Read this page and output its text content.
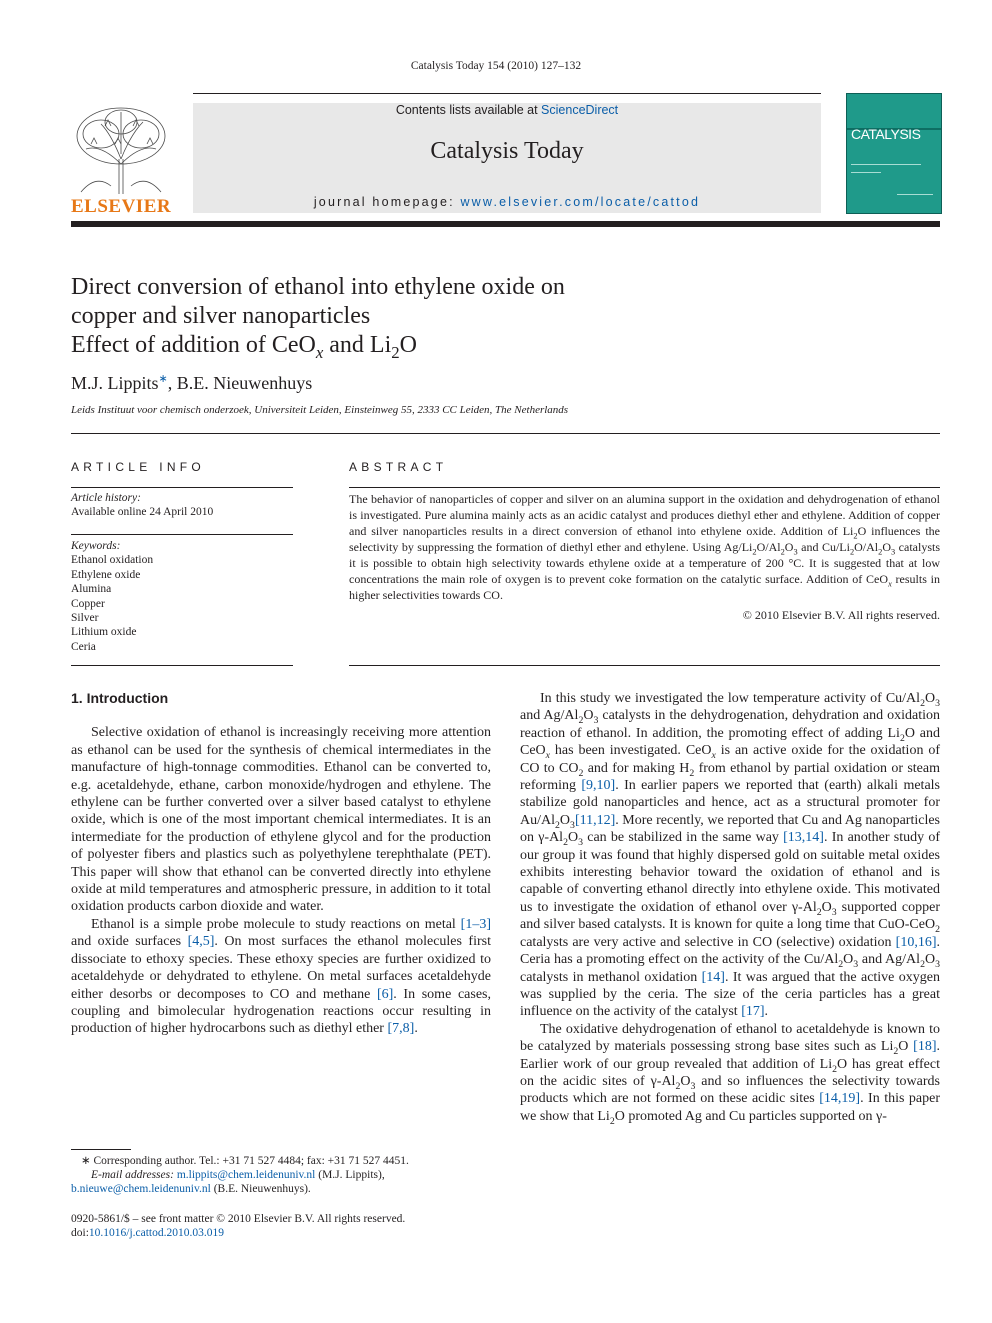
Catalysis Today 154 (2010) 127–132
ELSEVIER
Contents lists available at ScienceDirect
Catalysis Today
journal homepage: www.elsevier.com/locate/cattod
CATALYSIS
Direct conversion of ethanol into ethylene oxide on
copper and silver nanoparticles
Effect of addition of CeO$_x$ and $Li_2O$
M.J. Lippits∗, B.E. Nieuwenhuys
Leids Instituut voor chemisch onderzoek, Universiteit Leiden, Einsteinweg 55, 2333 CC Leiden, The Netherlands
ARTICLE INFO
Article history:
Available online 24 April 2010
Keywords:
Ethanol oxidation
Ethylene oxide
Alumina
Copper
Silver
Lithium oxide
Ceria
ABSTRACT
The behavior of nanoparticles of copper and silver on an alumina support in the oxidation and dehydrogenation of ethanol is investigated. Pure alumina mainly acts as an acidic catalyst and produces diethyl ether and ethylene. Addition of copper and silver nanoparticles results in a direct conversion of ethanol into ethylene oxide. Addition of $Li_2O$ influences the selectivity by suppressing the formation of diethyl ether and ethylene. Using $Ag/Li_2O/Al_2O_3$ and $Cu/Li_2O/Al_2O_3$ catalysts it is possible to obtain high selectivity towards ethylene oxide at a temperature of 200 °C. It is suggested that at low concentrations the main role of oxygen is to prevent coke formation on the catalytic surface. Addition of CeO$_x$ results in higher selectivities towards CO.
© 2010 Elsevier B.V. All rights reserved.

1. Introduction

Selective oxidation of ethanol is increasingly receiving more attention as ethanol can be used for the synthesis of chemical intermediates in the manufacture of high-tonnage commodities. Ethanol can be converted to, e.g. acetaldehyde, ethane, carbon monoxide/hydrogen and ethylene. The ethylene can be further converted over a silver based catalyst to ethylene oxide, which is one of the most important chemical intermediates. It is an intermediate for the production of ethylene glycol and for the production of polyester fibers and plastics such as polyethylene terephthalate (PET). This paper will show that ethanol can be converted directly into ethylene oxide at mild temperatures and atmospheric pressure, in addition to it total oxidation products carbon dioxide and water.

Ethanol is a simple probe molecule to study reactions on metal [1–3] and oxide surfaces [4,5]. On most surfaces the ethanol molecules first dissociate to ethoxy species. These ethoxy species are further oxidized to acetaldehyde or dehydrated to ethylene. On metal surfaces acetaldehyde either desorbs or decomposes to CO and methane [6]. In some cases, coupling and bimolecular hydrogenation reactions occur resulting in production of higher hydrocarbons such as diethyl ether [7,8].

In this study we investigated the low temperature activity of $Cu/Al_2O_3$ and $Ag/Al_2O_3$ catalysts in the dehydrogenation, dehydration and oxidation reaction of ethanol. In addition, the promoting effect of adding $Li_2O$ and CeO$_x$ has been investigated. CeO$_x$ is an active oxide for the oxidation of CO to $CO_2$ and for making $H_2$ from ethanol by partial oxidation or steam reforming [9,10]. In earlier papers we reported that (earth) alkali metals stabilize gold nanoparticles and hence, act as a structural promoter for $Au/Al_2O_3[11,12]$. More recently, we reported that Cu and Ag nanoparticles on $\gamma-Al_2O_3$ can be stabilized in the same way [13,14]. In another study of our group it was found that highly dispersed gold on suitable metal oxides exhibits interesting behavior toward the oxidation of ethanol and is capable of converting ethanol directly into ethylene oxide. This motivated us to investigate the oxidation of ethanol over $\gamma-Al_2O_3$ supported copper and silver based catalysts. It is known for quite a long time that CuO-CeO$_2$ catalysts are very active and selective in CO (selective) oxidation [10,16]. Ceria has a promoting effect on the activity of the $Cu/Al_2O_3$ and $Ag/Al_2O_3$ catalysts in methanol oxidation [14]. It was argued that the active oxygen was supplied by the ceria. The size of the ceria particles has a great influence on the activity of the catalyst [17].

The oxidative dehydrogenation of ethanol to acetaldehyde is known to be catalyzed by materials possessing strong base sites such as $Li_2O$ [18]. Earlier work of our group revealed that addition of $Li_2O$ has great effect on the acidic sites of $\gamma-Al_2O_3$ and so influences the selectivity towards products which are not formed on these acidic sites [14,19]. In this paper we show that $Li_2O$ promoted Ag and Cu particles supported on γ-

∗ Corresponding author. Tel.: +31 71 527 4484; fax: +31 71 527 4451.
E-mail addresses: m.lippits@chem.leidenuniv.nl (M.J. Lippits),
b.nieuwe@chem.leidenuniv.nl (B.E. Nieuwenhuys).
0920-5861/$ – see front matter © 2010 Elsevier B.V. All rights reserved.
doi:10.1016/j.cattod.2010.03.019
